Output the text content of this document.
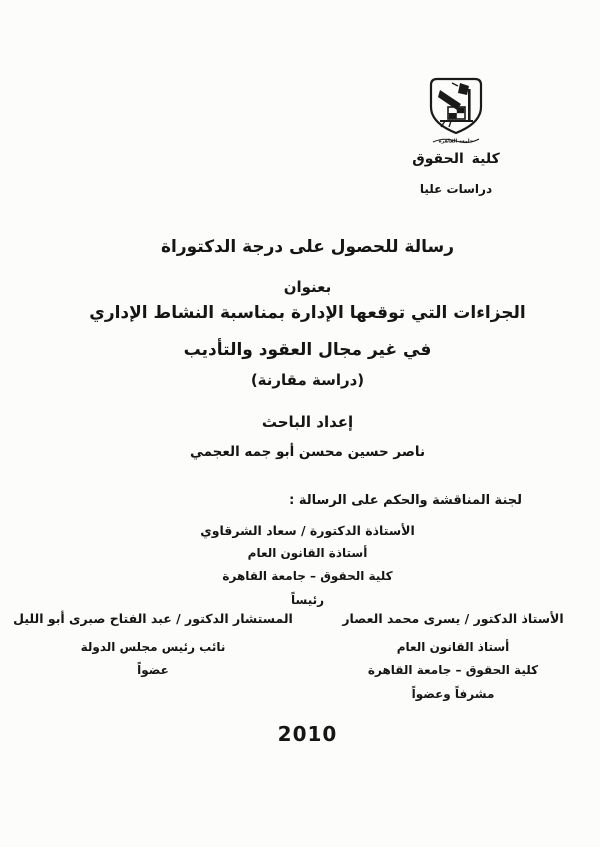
جامعة القاهرة
كلية الحقوق
دراسات عليا
رسالة للحصول على درجة الدكتوراة
بعنوان
الجزاءات التي توقعها الإدارة بمناسبة النشاط الإداري
في غير مجال العقود والتأديب
(دراسة مقارنة)
إعداد الباحث
ناصر حسين محسن أبو جمه العجمي
لجنة المناقشة والحكم على الرسالة :
الأستاذة الدكتورة / سعاد الشرقاوي
أستاذة القانون العام
كلية الحقوق – جامعة القاهرة
رئيساً
الأستاذ الدكتور / يسرى محمد العصار
أستاذ القانون العام
كلية الحقوق – جامعة القاهرة
مشرفاً وعضواً
المستشار الدكتور / عبد الفتاح صبرى أبو الليل
نائب رئيس مجلس الدولة
عضواً
2010
